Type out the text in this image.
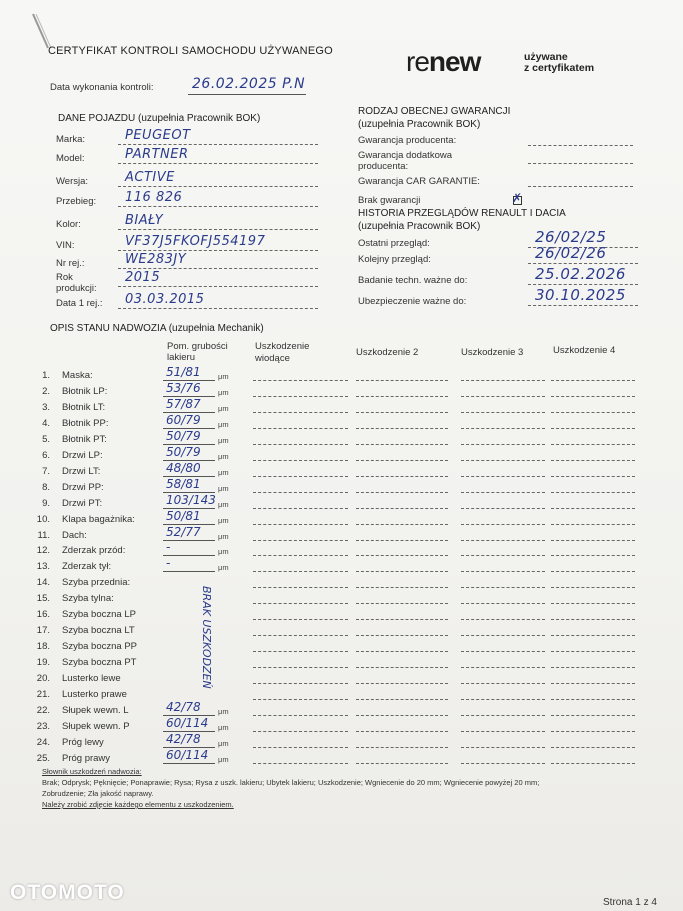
CERTYFIKAT KONTROLI SAMOCHODU UŻYWANEGO
Data wykonania kontroli:	26.02.2025 P.N
renew	używane
z certyfikatem
DANE POJAZDU (uzupełnia Pracownik BOK)
Marka:	PEUGEOT
Model:	PARTNER
Wersja:	ACTIVE
Przebieg: 116 826
Kolor:	BIAŁY
VIN:	VF37J5FKOFJ554197
Nr rej.:	WE283JY
Rok
produkcji:
2015
Data 1 rej.: 03.03.2015
RODZAJ OBECNEJ GWARANCJI
(uzupełnia Pracownik BOK)
Gwarancja producenta:
Gwarancja dodatkowa
producenta:
Gwarancja CAR GARANTIE:
Brak gwarancji	✗
HISTORIA PRZEGLĄDÓW RENAULT I DACIA
(uzupełnia Pracownik BOK)
Ostatni przegląd:	26/02/25
Kolejny przegląd:	26/02/26
Badanie techn. ważne do:	25.02.2026
Ubezpieczenie ważne do:	30.10.2025
OPIS STANU NADWOZIA (uzupełnia Mechanik)
Pom. grubości
lakieru
Uszkodzenie
wiodące
Uszkodzenie 2	Uszkodzenie 3	Uszkodzenie 4
1. Maska:	51/81 μm
2. Błotnik LP:	53/76 μm
3. Błotnik LT:	57/87 μm
4. Błotnik PP:	60/79 μm
5. Błotnik PT:	50/79 μm
6. Drzwi LP:	50/79 μm
7. Drzwi LT:	48/80 μm
8. Drzwi PP:	58/81 μm
9. Drzwi PT:	103/143 μm
10. Klapa bagażnika:	50/81 μm
11. Dach:	52/77 μm
12. Zderzak przód:	-	μm
13. Zderzak tył:	-	μm
14. Szyba przednia:
15. Szyba tylna:
16. Szyba boczna LP
17. Szyba boczna LT
18. Szyba boczna PP
19. Szyba boczna PT
20. Lusterko lewe
21. Lusterko prawe
22. Słupek wewn. L	42/78 μm
23. Słupek wewn. P	60/114 μm
24. Próg lewy	42/78 μm
25. Próg prawy	60/114 μm
BRAK USZKODZEŃ
Słownik uszkodzeń nadwozia:
Brak; Odprysk; Pęknięcie; Ponaprawie; Rysa; Rysa z uszk. lakieru; Ubytek lakieru; Uszkodzenie; Wgniecenie do 20 mm; Wgniecenie powyżej 20 mm;
Zobrudzenie; Zła jakość naprawy.
Należy zrobić zdjęcie każdego elementu z uszkodzeniem.
OTOMOTO	Strona 1 z 4
